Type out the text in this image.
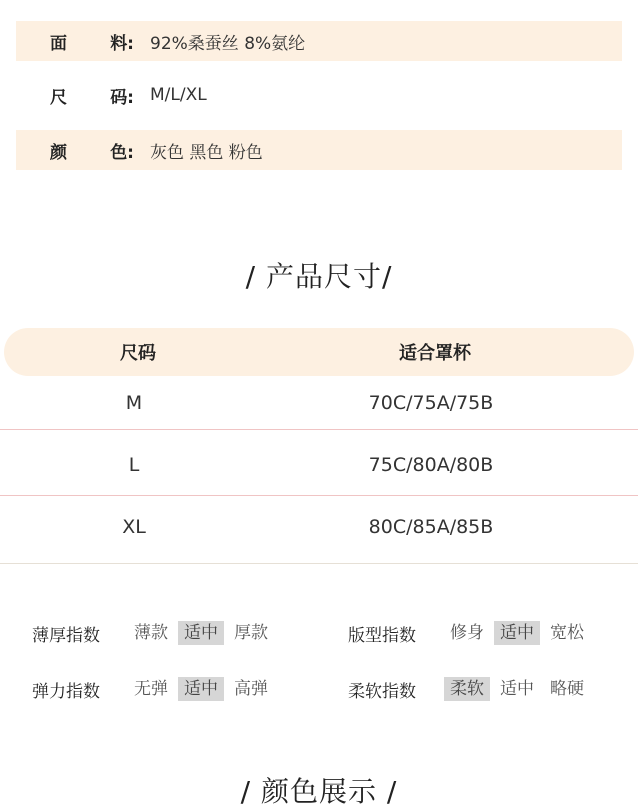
面	料: 92%桑蚕丝 8%氨纶
尺	码: M/L/XL
颜	色: 灰色 黑色 粉色
/ 产品尺寸/
尺码	适合罩杯
M	70C/75A/75B
L	75C/80A/80B
XL	80C/85A/85B
薄厚指数	薄款 适中 厚款	版型指数	修身 适中 宽松
弹力指数	无弹 适中 高弹	柔软指数	柔软 适中 略硬
/ 颜色展示 /
